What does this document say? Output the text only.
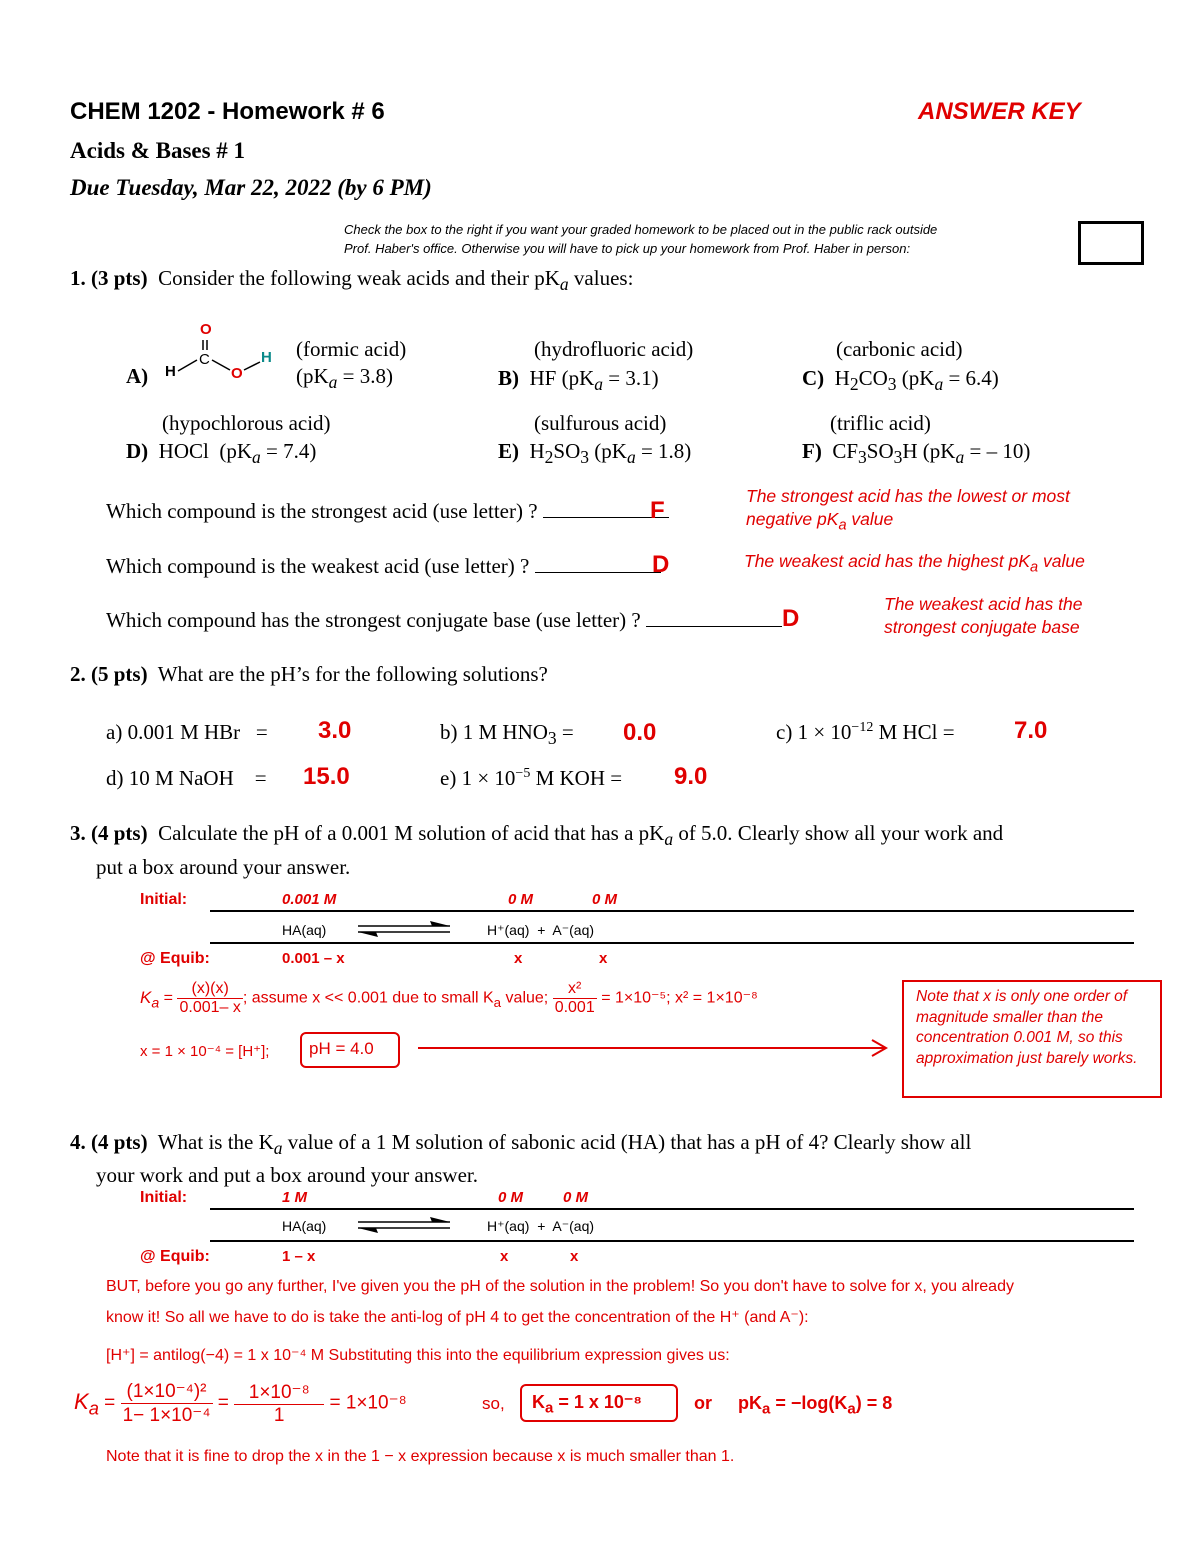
CHEM 1202 - Homework # 6	ANSWER KEY
Acids & Bases # 1
Due Tuesday, Mar 22, 2022 (by 6 PM)
Check the box to the right if you want your graded homework to be placed out in the public rack outside
Prof. Haber's office. Otherwise you will have to pick up your homework from Prof. Haber in person:
1. (3 pts) Consider the following weak acids and their $pK_a$ values:
O
C
H	O
H
A)
(formic acid)
$(pK_a = 3.8)$
(hydrofluoric acid)
B) HF $(pK_a = 3.1)$
(carbonic acid)
C) $H_2CO_3$ $(pK_a = 6.4)$
(hypochlorous acid)
D) HOCl  $(pK_a = 7.4)$
(sulfurous acid)
E) $H_2SO_3$ $(pK_a = 1.8)$
(triflic acid)
F) $CF_3SO_3H$ ($pK_a$ = – 10)
Which compound is the strongest acid (use letter) ?	F
The strongest acid has the lowest or most
negative $pK_a$ value
Which compound is the weakest acid (use letter) ?	D	The weakest acid has the highest $pK_a$ value
Which compound has the strongest conjugate base (use letter) ?	D
The weakest acid has the
strongest conjugate base
2. (5 pts) What are the pH’s for the following solutions?
a) 0.001 M HBr = 3.0	b) 1 M $HNO_3 = 0.0$	c) $1 \times 10^{-12}$ M HCl = 7.0
d) 10 M NaOH = 15.0	e) $1 \times 10^{-5}$ M KOH = 9.0
3. (4 pts) Calculate the pH of a 0.001 M solution of acid that has a $pK_a$ of 5.0. Clearly show all your work and
put a box around your answer.
Initial:	0.001 M	0 M	0 M
HA(aq)	H⁺(aq) + A⁻(aq)
@ Equib:	0.001 – x	x	x
$K_a = \frac{(x)(x)}{0.001- x}$ ; assume x << 0.001 due to small $K_a$ value; $\frac{\text{x²}}{0.001} = 1\times 10^{-5}$; x² = 1×10⁻⁸
x = 1 × 10⁻⁴ = [H⁺]; pH = 4.0
Note that x is only one order of magnitude smaller than the concentration 0.001 M, so this approximation just barely works.
4. (4 pts) What is the $K_a$ value of a 1 M solution of sabonic acid (HA) that has a pH of 4? Clearly show all
your work and put a box around your answer.
Initial:	1 M	0 M	0 M
HA(aq)	H⁺(aq) + A⁻(aq)
@ Equib:	1 – x	x	x
BUT, before you go any further, I've given you the pH of the solution in the problem! So you don't have to solve for x, you already
know it! So all we have to do is take the anti-log of pH 4 to get the concentration of the H⁺ (and A⁻):
[H⁺] = antilog(−4) = 1 x 10⁻⁴ M Substituting this into the equilibrium expression gives us:
$K_a = \frac{\text{(1×10⁻⁴)²}}{\text{1− 1×10⁻⁴}} = \frac{\text{1×10⁻⁸}}{1} = 1\times 10^{-8}$	so, $K_a = 1$ x 10⁻⁸	or $pK_a = -\log(K_a) = 8$
Note that it is fine to drop the x in the 1 − x expression because x is much smaller than 1.
